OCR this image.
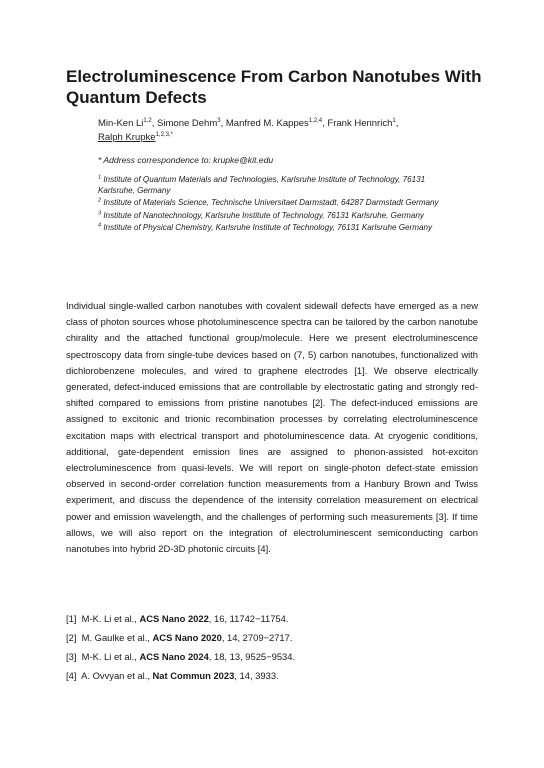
Electroluminescence From Carbon Nanotubes With Quantum Defects
Min-Ken Li$^{1,2}$, Simone Dehm$^3$, Manfred M. Kappes$^{1,2,4}$, Frank Hennrich$^1$,
Ralph Krupke$^{1,2,3,*}$
* Address correspondence to: krupke@kit.edu

$^1$ Institute of Quantum Materials and Technologies, Karlsruhe Institute of Technology, 76131 Karlsruhe, Germany

$^2$ Institute of Materials Science, Technische Universitaet Darmstadt, 64287 Darmstadt Germany

$^3$ Institute of Nanotechnology, Karlsruhe Institute of Technology, 76131 Karlsruhe, Germany

$^4$ Institute of Physical Chemistry, Karlsruhe Institute of Technology, 76131 Karlsruhe Germany

Individual single-walled carbon nanotubes with covalent sidewall defects have emerged as a new class of photon sources whose photoluminescence spectra can be tailored by the carbon nanotube chirality and the attached functional group/molecule. Here we present electroluminescence spectroscopy data from single-tube devices based on (7, 5) carbon nanotubes, functionalized with dichlorobenzene molecules, and wired to graphene electrodes [1]. We observe electrically generated, defect-induced emissions that are controllable by electrostatic gating and strongly red-shifted compared to emissions from pristine nanotubes [2]. The defect-induced emissions are assigned to excitonic and trionic recombination processes by correlating electroluminescence excitation maps with electrical transport and photoluminescence data. At cryogenic conditions, additional, gate-dependent emission lines are assigned to phonon-assisted hot-exciton electroluminescence from quasi-levels. We will report on single-photon defect-state emission observed in second-order correlation function measurements from a Hanbury Brown and Twiss experiment, and discuss the dependence of the intensity correlation measurement on electrical power and emission wavelength, and the challenges of performing such measurements [3]. If time allows, we will also report on the integration of electroluminescent semiconducting carbon nanotubes into hybrid 2D-3D photonic circuits [4].

[1] M-K. Li et al., ACS Nano 2022, 16, 11742−11754.
[2] M. Gaulke et al., ACS Nano 2020, 14, 2709−2717.
[3] M-K. Li et al., ACS Nano 2024, 18, 13, 9525−9534.
[4] A. Ovvyan et al., Nat Commun 2023, 14, 3933.
